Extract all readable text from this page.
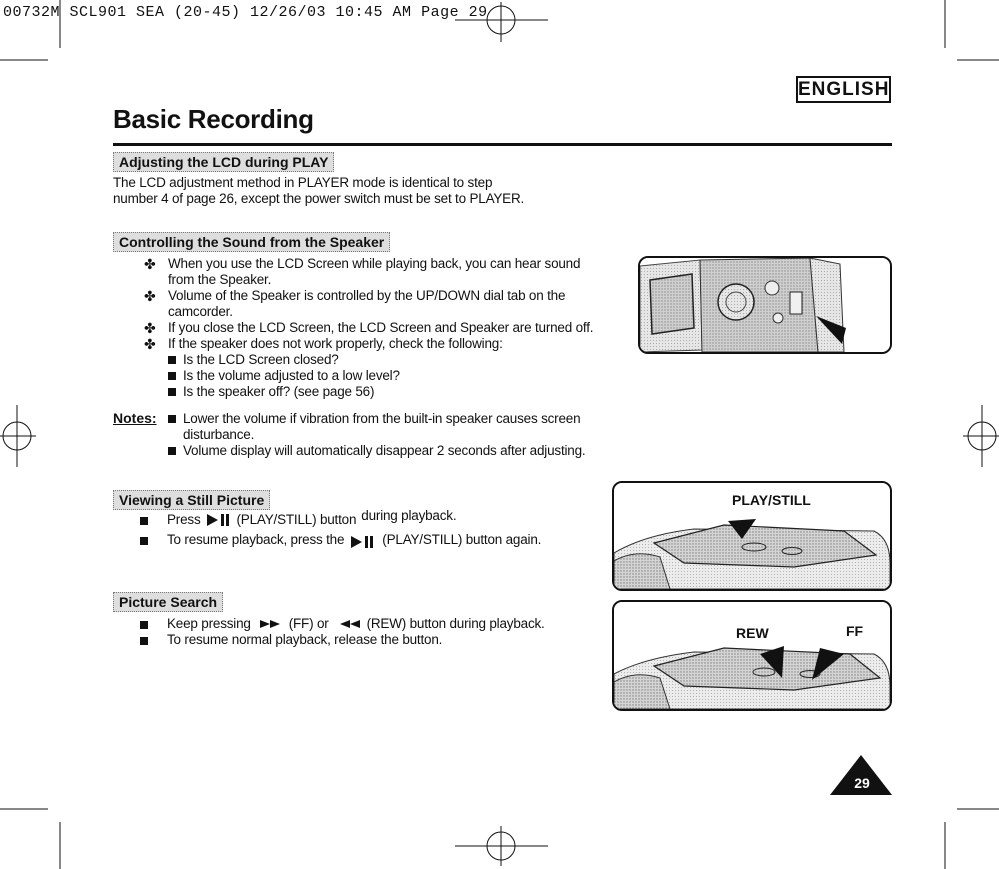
00732M SCL901 SEA (20-45) 12/26/03 10:45 AM Page 29
ENGLISH
Basic Recording
Adjusting the LCD during PLAY
The LCD adjustment method in PLAYER mode is identical to step
number 4 of page 26, except the power switch must be set to PLAYER.
Controlling the Sound from the Speaker
✤ When you use the LCD Screen while playing back, you can hear sound
from the Speaker.
✤ Volume of the Speaker is controlled by the UP/DOWN dial tab on the
camcorder.
✤ If you close the LCD Screen, the LCD Screen and Speaker are turned off.
✤ If the speaker does not work properly, check the following:
Is the LCD Screen closed?
Is the volume adjusted to a low level?
Is the speaker off? (see page 56)
Notes: Lower the volume if vibration from the built-in speaker causes screen
disturbance.
Volume display will automatically disappear 2 seconds after adjusting.
Viewing a Still Picture
Press	(PLAY/STILL) button during playback.
To resume playback, press the	(PLAY/STILL) button again.
Picture Search
Keep pressing	(FF) or	(REW) button during playback.
To resume normal playback, release the button.
PLAY/STILL
REW	FF
29
